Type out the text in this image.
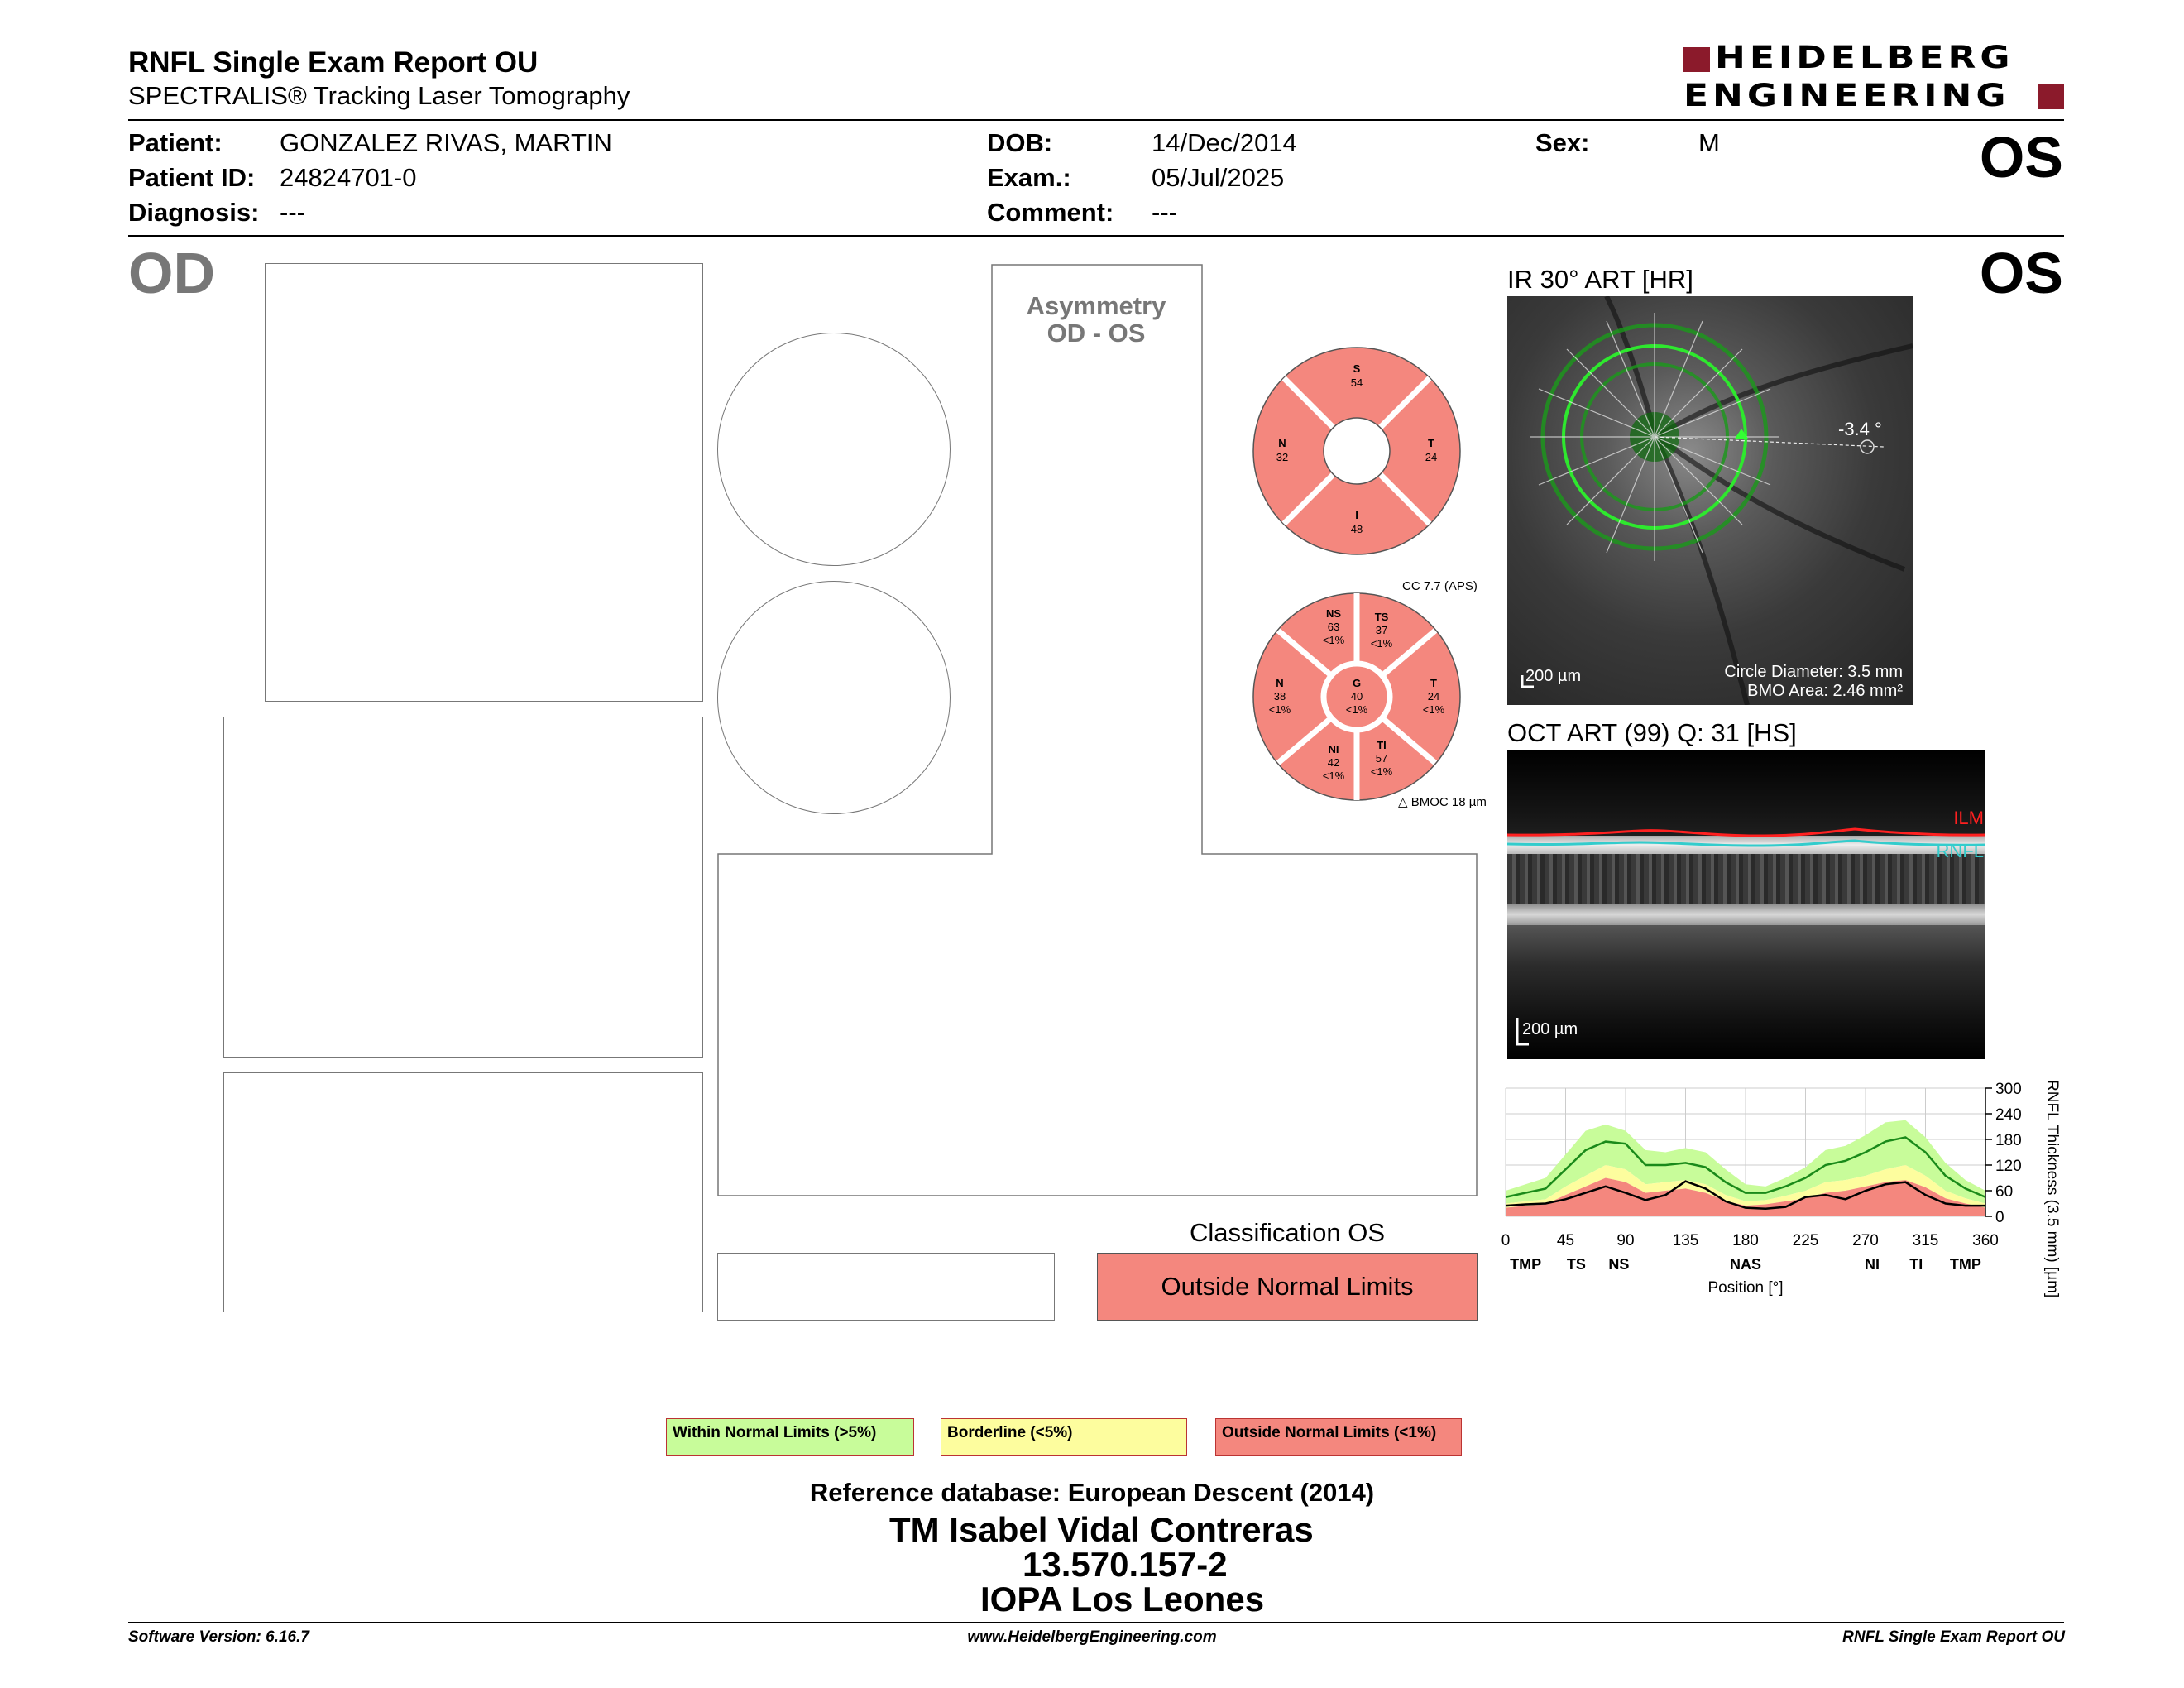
RNFL Single Exam Report OU
SPECTRALIS® Tracking Laser Tomography
HEIDELBERG
ENGINEERING
Patient: GONZALEZ RIVAS, MARTIN
Patient ID: 24824701-0
Diagnosis: ---
DOB:	14/Dec/2014
Exam.:	05/Jul/2025
Comment: ---
Sex:	M	OS
OD	OS
Asymmetry
OD - OS
S
54
N
32
T
24
I
48
CC 7.7 (APS)
NS
63
<1%
TS
37
<1%
N
38
<1%
G
40
<1%
T
24
<1%
NI
42
<1%
TI
57
<1%
△ BMOC 18 µm
IR 30° ART [HR]
-3.4 °
200 µm	Circle Diameter: 3.5 mm
BMO Area: 2.46 mm²
OCT ART (99) Q: 31 [HS]
ILM
RNFL
200 µm
0
60
120
180
240
300
0	45	90 135 180 225 270 315 360
TMP TS NS	NAS	NI TI TMP
Position [°]	RNFL Thickness (3.5 mm) [µm]
Classification OS
Outside Normal Limits
Within Normal Limits (>5%)	Borderline (<5%)	Outside Normal Limits (<1%)
Reference database: European Descent (2014)
TM Isabel Vidal Contreras
13.570.157-2
IOPA Los Leones
Software Version: 6.16.7	www.HeidelbergEngineering.com	RNFL Single Exam Report OU
